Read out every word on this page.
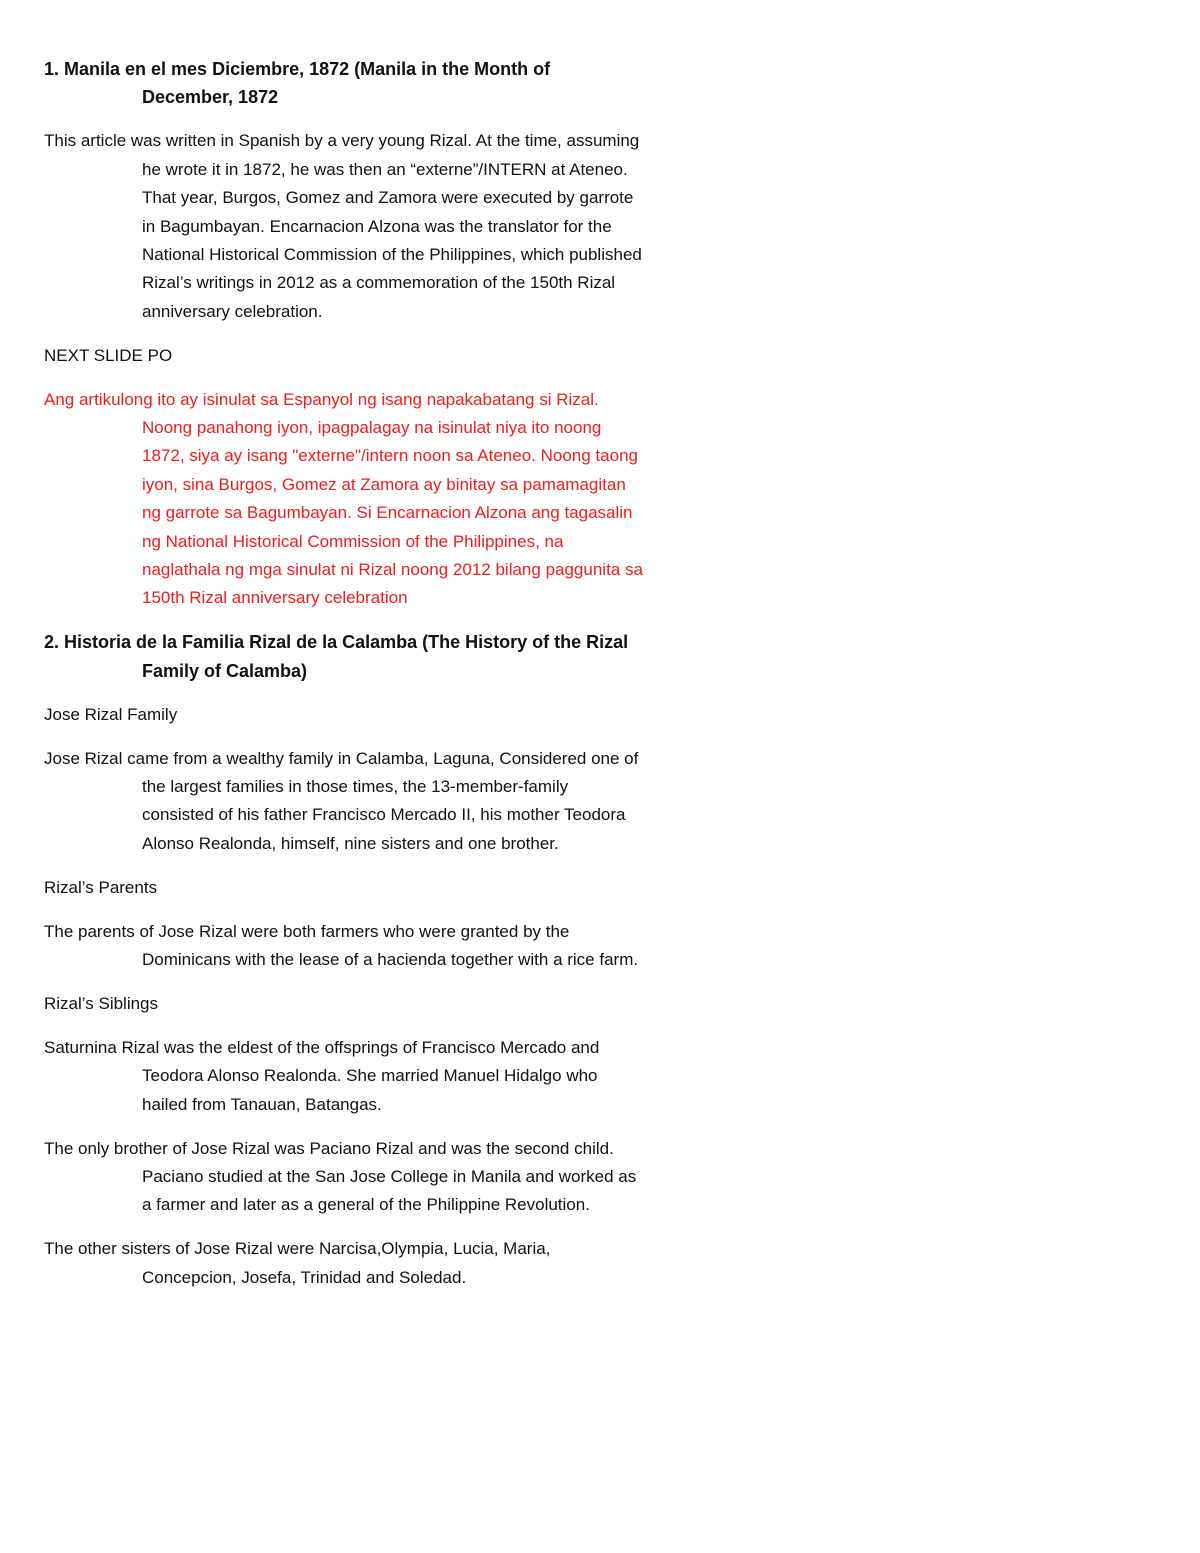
1. Manila en el mes Diciembre, 1872 (Manila in the Month of December, 1872

This article was written in Spanish by a very young Rizal. At the time, assuming he wrote it in 1872, he was then an “externe”/INTERN at Ateneo. That year, Burgos, Gomez and Zamora were executed by garrote in Bagumbayan. Encarnacion Alzona was the translator for the National Historical Commission of the Philippines, which published Rizal’s writings in 2012 as a commemoration of the 150th Rizal anniversary celebration.

NEXT SLIDE PO

Ang artikulong ito ay isinulat sa Espanyol ng isang napakabatang si Rizal. Noong panahong iyon, ipagpalagay na isinulat niya ito noong 1872, siya ay isang "externe"/intern noon sa Ateneo. Noong taong iyon, sina Burgos, Gomez at Zamora ay binitay sa pamamagitan ng garrote sa Bagumbayan. Si Encarnacion Alzona ang tagasalin ng National Historical Commission of the Philippines, na naglathala ng mga sinulat ni Rizal noong 2012 bilang paggunita sa 150th Rizal anniversary celebration

2. Historia de la Familia Rizal de la Calamba (The History of the Rizal Family of Calamba)

Jose Rizal Family

Jose Rizal came from a wealthy family in Calamba, Laguna, Considered one of the largest families in those times, the 13-member-family consisted of his father Francisco Mercado II, his mother Teodora Alonso Realonda, himself, nine sisters and one brother.

Rizal’s Parents

The parents of Jose Rizal were both farmers who were granted by the Dominicans with the lease of a hacienda together with a rice farm.

Rizal’s Siblings

Saturnina Rizal was the eldest of the offsprings of Francisco Mercado and Teodora Alonso Realonda. She married Manuel Hidalgo who hailed from Tanauan, Batangas.

The only brother of Jose Rizal was Paciano Rizal and was the second child. Paciano studied at the San Jose College in Manila and worked as a farmer and later as a general of the Philippine Revolution.

The other sisters of Jose Rizal were Narcisa,Olympia, Lucia, Maria, Concepcion, Josefa, Trinidad and Soledad.
